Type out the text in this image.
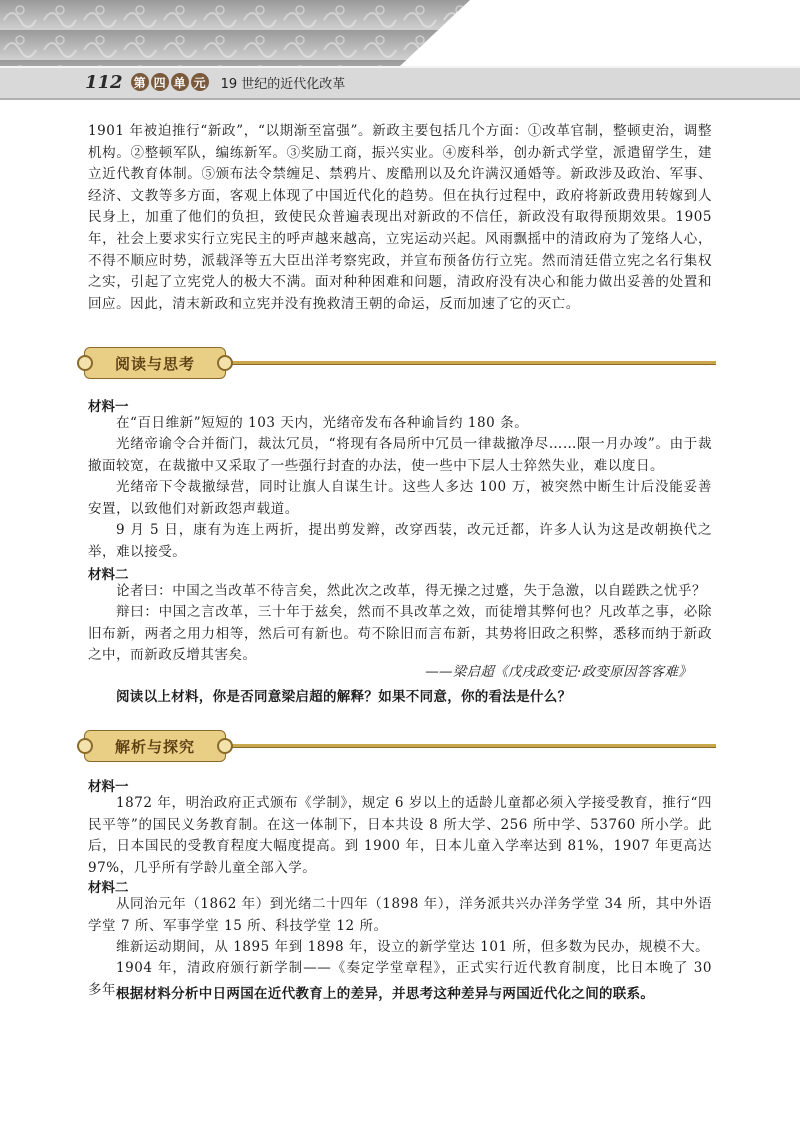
112 第 四 单 元 19 世纪的近代化改革

1901 年被迫推行“新政”，“以期渐至富强”。新政主要包括几个方面：①改革官制，整顿吏治，调整机构。②整顿军队，编练新军。③奖励工商，振兴实业。④废科举，创办新式学堂，派遣留学生，建立近代教育体制。⑤颁布法令禁缠足、禁鸦片、废酷刑以及允许满汉通婚等。新政涉及政治、军事、经济、文教等多方面，客观上体现了中国近代化的趋势。但在执行过程中，政府将新政费用转嫁到人民身上，加重了他们的负担，致使民众普遍表现出对新政的不信任，新政没有取得预期效果。1905 年，社会上要求实行立宪民主的呼声越来越高，立宪运动兴起。风雨飘摇中的清政府为了笼络人心，不得不顺应时势，派载泽等五大臣出洋考察宪政，并宣布预备仿行立宪。然而清廷借立宪之名行集权之实，引起了立宪党人的极大不满。面对种种困难和问题，清政府没有决心和能力做出妥善的处置和回应。因此，清末新政和立宪并没有挽救清王朝的命运，反而加速了它的灭亡。

阅读与思考

材料一

在“百日维新”短短的 103 天内，光绪帝发布各种谕旨约 180 条。

光绪帝谕令合并衙门，裁汰冗员，“将现有各局所中冗员一律裁撤净尽……限一月办竣”。由于裁撤面较宽，在裁撤中又采取了一些强行封査的办法，使一些中下层人士猝然失业，难以度日。

光绪帝下令裁撤绿营，同时让旗人自谋生计。这些人多达 100 万，被突然中断生计后没能妥善安置，以致他们对新政怨声载道。

9 月 5 日，康有为连上两折，提出剪发辫，改穿西装，改元迁都，许多人认为这是改朝换代之举，难以接受。

材料二

论者曰：中国之当改革不待言矣，然此次之改革，得无操之过蹙，失于急激，以自蹉跌之忧乎？

辩曰：中国之言改革，三十年于兹矣，然而不具改革之效，而徒增其弊何也？凡改革之事，必除旧布新，两者之用力相等，然后可有新也。苟不除旧而言布新，其势将旧政之积弊，悉移而纳于新政之中，而新政反增其害矣。

——梁启超《戊戌政变记·政变原因答客难》

阅读以上材料，你是否同意梁启超的解释？如果不同意，你的看法是什么？

解析与探究

材料一

1872 年，明治政府正式颁布《学制》，规定 6 岁以上的适龄儿童都必须入学接受教育，推行“四民平等”的国民义务教育制。在这一体制下，日本共设 8 所大学、256 所中学、53760 所小学。此后，日本国民的受教育程度大幅度提高。到 1900 年，日本儿童入学率达到 81%，1907 年更高达 97%，几乎所有学龄儿童全部入学。

材料二

从同治元年（1862 年）到光绪二十四年（1898 年），洋务派共兴办洋务学堂 34 所，其中外语学堂 7 所、军事学堂 15 所、科技学堂 12 所。

维新运动期间，从 1895 年到 1898 年，设立的新学堂达 101 所，但多数为民办，规模不大。

1904 年，清政府颁行新学制——《奏定学堂章程》，正式实行近代教育制度，比日本晚了 30 多年。

根据材料分析中日两国在近代教育上的差异，并思考这种差异与两国近代化之间的联系。
